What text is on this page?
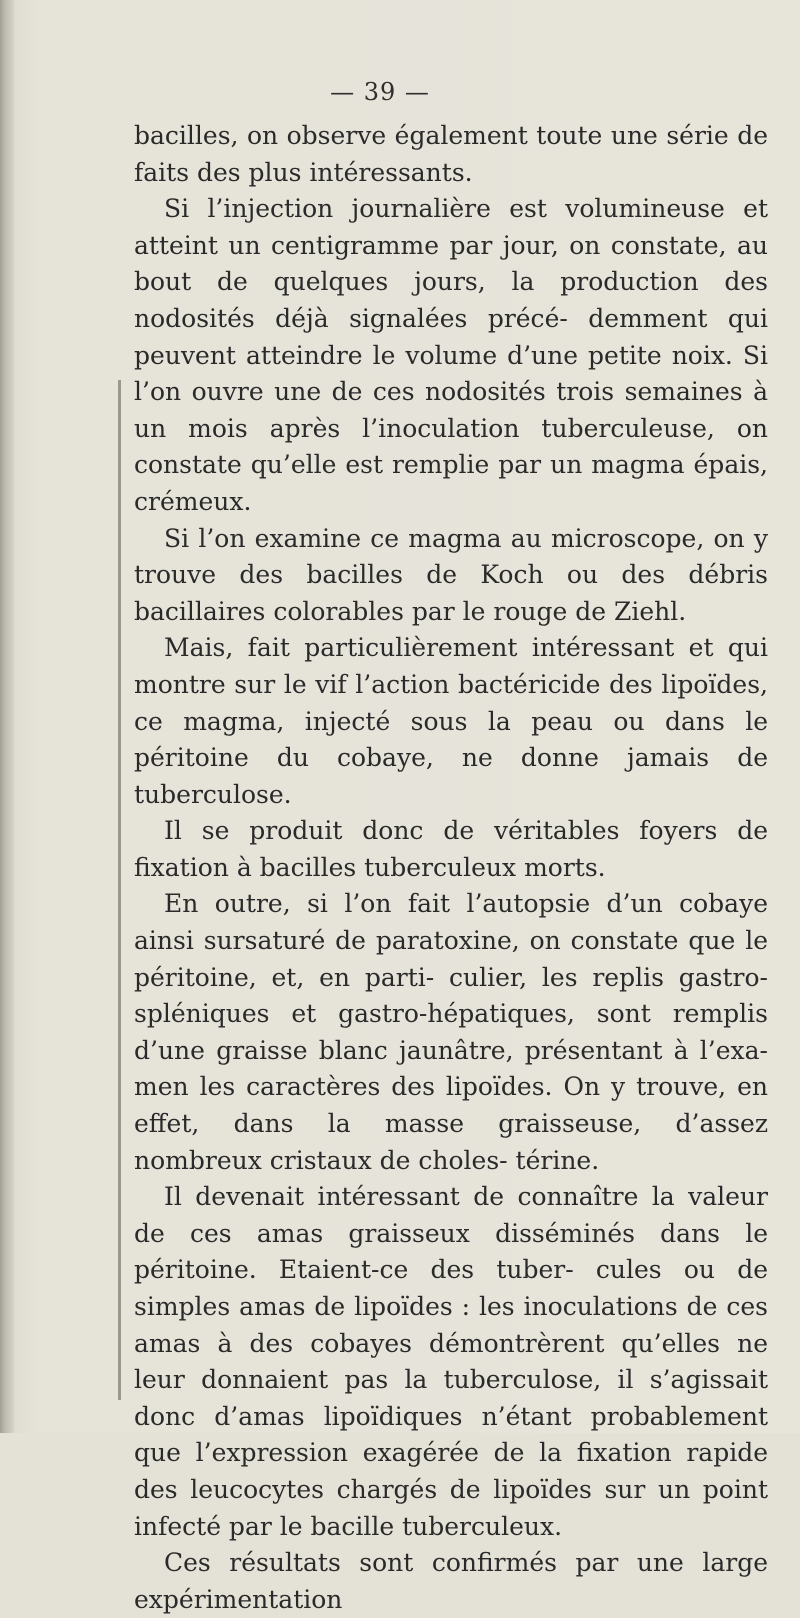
— 39 —

bacilles, on observe également toute une série de faits des plus intéressants.

Si l’injection journalière est volumineuse et atteint un centigramme par jour, on constate, au bout de quelques jours, la production des nodosités déjà signalées précé- demment qui peuvent atteindre le volume d’une petite noix. Si l’on ouvre une de ces nodosités trois semaines à un mois après l’inoculation tuberculeuse, on constate qu’elle est remplie par un magma épais, crémeux.

Si l’on examine ce magma au microscope, on y trouve des bacilles de Koch ou des débris bacillaires colorables par le rouge de Ziehl.

Mais, fait particulièrement intéressant et qui montre sur le vif l’action bactéricide des lipoïdes, ce magma, injecté sous la peau ou dans le péritoine du cobaye, ne donne jamais de tuberculose.

Il se produit donc de véritables foyers de fixation à bacilles tuberculeux morts.

En outre, si l’on fait l’autopsie d’un cobaye ainsi sursaturé de paratoxine, on constate que le péritoine, et, en parti- culier, les replis gastro-spléniques et gastro-hépatiques, sont remplis d’une graisse blanc jaunâtre, présentant à l’exa- men les caractères des lipoïdes. On y trouve, en effet, dans la masse graisseuse, d’assez nombreux cristaux de choles- térine.

Il devenait intéressant de connaître la valeur de ces amas graisseux disséminés dans le péritoine. Etaient-ce des tuber- cules ou de simples amas de lipoïdes : les inoculations de ces amas à des cobayes démontrèrent qu’elles ne leur donnaient pas la tuberculose, il s’agissait donc d’amas lipoïdiques n’étant probablement que l’expression exagérée de la fixation rapide des leucocytes chargés de lipoïdes sur un point infecté par le bacille tuberculeux.

Ces résultats sont confirmés par une large expérimentation
